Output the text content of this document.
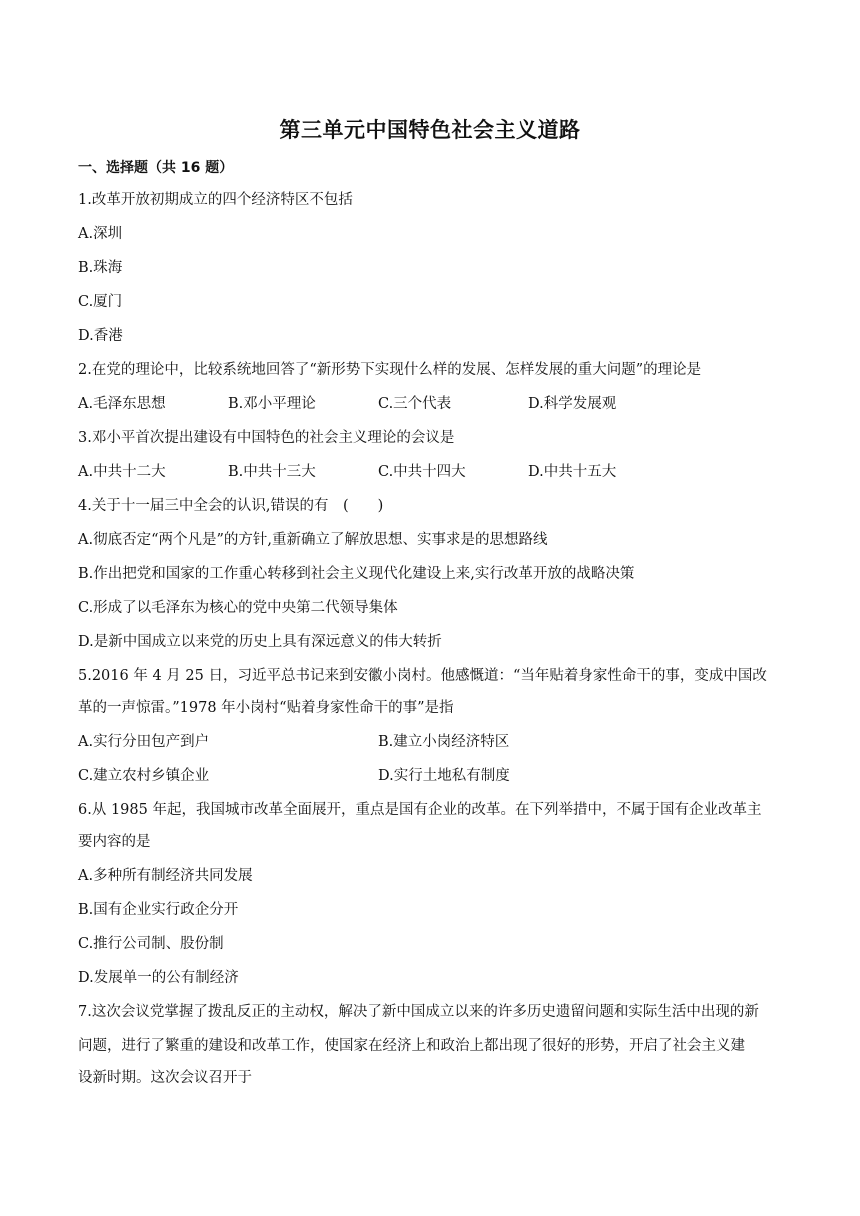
第三单元中国特色社会主义道路
一、选择题（共 16 题）
1.改革开放初期成立的四个经济特区不包括
A.深圳
B.珠海
C.厦门
D.香港
2.在党的理论中，比较系统地回答了“新形势下实现什么样的发展、怎样发展的重大问题”的理论是
A.毛泽东思想	B.邓小平理论	C.三个代表	D.科学发展观
3.邓小平首次提出建设有中国特色的社会主义理论的会议是
A.中共十二大	B.中共十三大	C.中共十四大	D.中共十五大
4.关于十一届三中全会的认识,错误的有　(　　)
A.彻底否定“两个凡是”的方针,重新确立了解放思想、实事求是的思想路线
B.作出把党和国家的工作重心转移到社会主义现代化建设上来,实行改革开放的战略决策
C.形成了以毛泽东为核心的党中央第二代领导集体
D.是新中国成立以来党的历史上具有深远意义的伟大转折
5.2016 年 4 月 25 日，习近平总书记来到安徽小岗村。他感慨道：“当年贴着身家性命干的事，变成中国改
革的一声惊雷。”1978 年小岗村“贴着身家性命干的事”是指
A.实行分田包产到户	B.建立小岗经济特区
C.建立农村乡镇企业	D.实行土地私有制度
6.从 1985 年起，我国城市改革全面展开，重点是国有企业的改革。在下列举措中，不属于国有企业改革主
要内容的是
A.多种所有制经济共同发展
B.国有企业实行政企分开
C.推行公司制、股份制
D.发展单一的公有制经济
7.这次会议党掌握了拨乱反正的主动权，解决了新中国成立以来的许多历史遗留问题和实际生活中出现的新
问题，进行了繁重的建设和改革工作，使国家在经济上和政治上都出现了很好的形势，开启了社会主义建
设新时期。这次会议召开于
